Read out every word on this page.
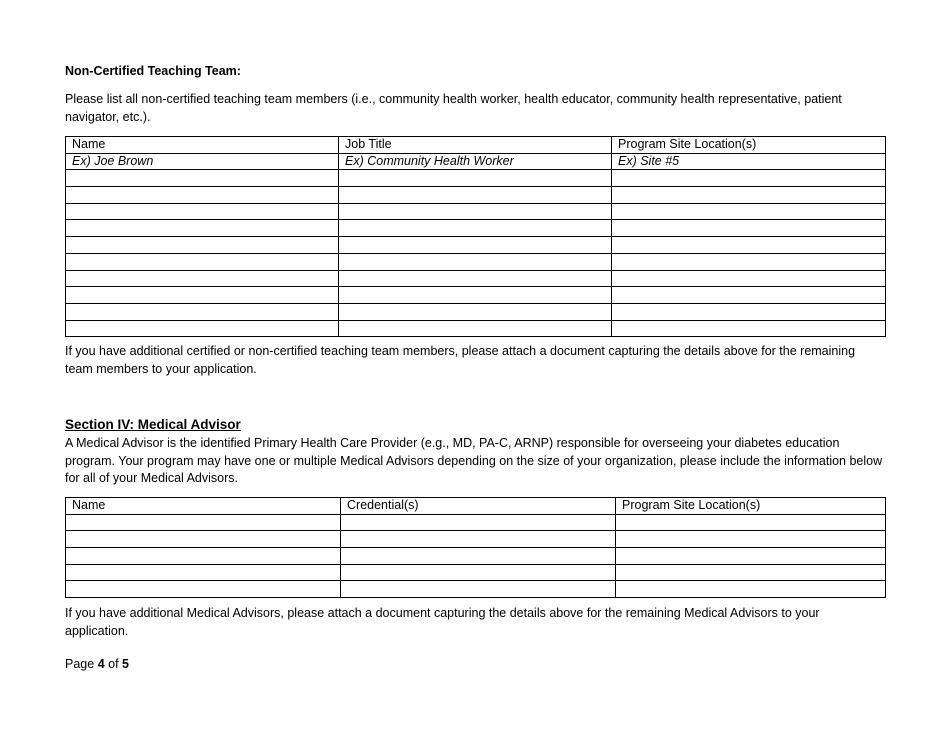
Non-Certified Teaching Team:
Please list all non-certified teaching team members (i.e., community health worker, health educator, community health representative, patient navigator, etc.).
Name	Job Title	Program Site Location(s)
Ex) Joe Brown	Ex) Community Health Worker	Ex) Site #5

If you have additional certified or non-certified teaching team members, please attach a document capturing the details above for the remaining team members to your application.
Section IV: Medical Advisor
A Medical Advisor is the identified Primary Health Care Provider (e.g., MD, PA-C, ARNP) responsible for overseeing your diabetes education program. Your program may have one or multiple Medical Advisors depending on the size of your organization, please include the information below for all of your Medical Advisors.
Name	Credential(s)	Program Site Location(s)

If you have additional Medical Advisors, please attach a document capturing the details above for the remaining Medical Advisors to your application.
Page 4 of 5
